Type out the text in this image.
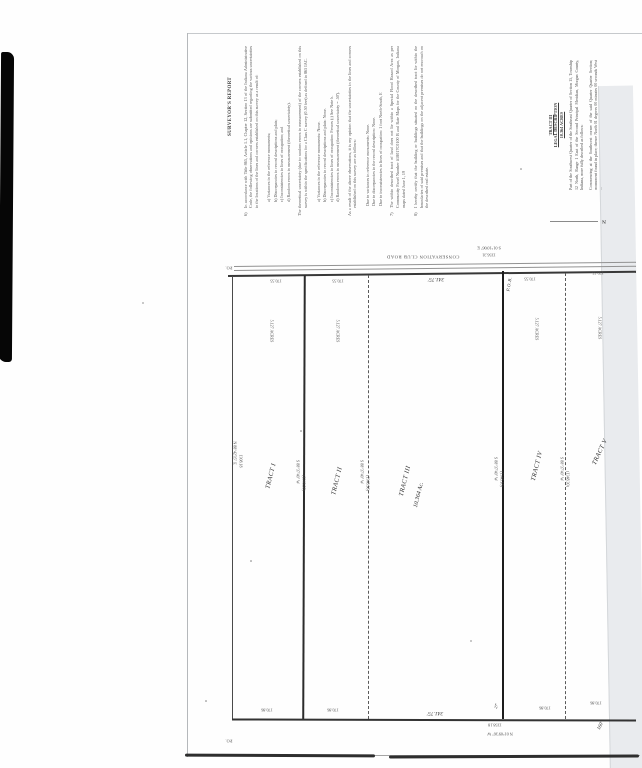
SURVEYOR'S REPORT
6)In accordance with Title 865, Article 1.1, Chapter 12, Section 13 of the Indiana Administrative Code, the following observations and opinions are submitted regarding the various uncertainties in the locations of the lines and corners established on this survey as a result of: a) Variances in the reference monuments; b) Discrepancies in record descriptions and plats; c) Inconsistencies in lines of occupation; and d) Random errors in measurement (theoretical uncertainty). The theoretical uncertainty (due to random errors in measurement) of the corners established on this survey is within the specifications for a Class C survey (0.50 feet) as defined in 865 IAC. a) Variances in the reference monuments: None. b) Discrepancies in record descriptions and plats: None. c) Inconsistencies in lines of occupation: Fences (;) See Note h. d) Random errors in measurement (theoretical uncertainty = .50'). As a result of the above observations, it is my opinion that the uncertainties in the lines and corners established on this survey are as follows: Due to variances in reference monuments: None. Due to discrepancies in the record description: None. Due to inconsistencies in lines of occupation: 1 foot North-South, E
7)The within described tract of land does not lie within a Special Flood Hazard Area as per Community Panel Number #18017C0100 B and Rate Maps for the County of Morgan, Indiana maps dated June 1, 19
8)I hereby certify that the building or buildings situated on the described tract lie within the boundaries of said premises and that the buildings on the adjacent premises do not encroach on the described real estate.
TRACT III LEGAL DESCRIPTION 10.364 ACRES Part of the Southwest Quarter of the Southeast Quarter of Section 15, Township 12 North, Range 1 East of the Second Principal Meridian, Morgan County, Indiana, more fully described as follows: Commencing at the Southwest corner of the said Quarter Quarter Section; monument found in place; thence North 01 degrees 00 minutes 00 seconds West ...
N
CONSERVATION CLUB ROAD
S 01°10'06" E
1356.31
P.O.
P.O.
P.O.B.
1358.18
N 01°09'36" W
341.75'
27'
160'
341.75'
N 88°42'35" E 1308.18	S 88°37'40" W (1348.58)	S 88°37'40" W (1348.96)
S 88°37'40" W (1348.18)	S 88°37'40" W (1348.30)
170.55	170.55	170.55
170.55
170.86	170.86	170.86
170.86
5.127 ACRES	5.127 ACRES	5.127 ACRES	5.127 ACRES
TRACT I	TRACT II	TRACT III 10.364 Ac.
TRACT IV	TRACT V
